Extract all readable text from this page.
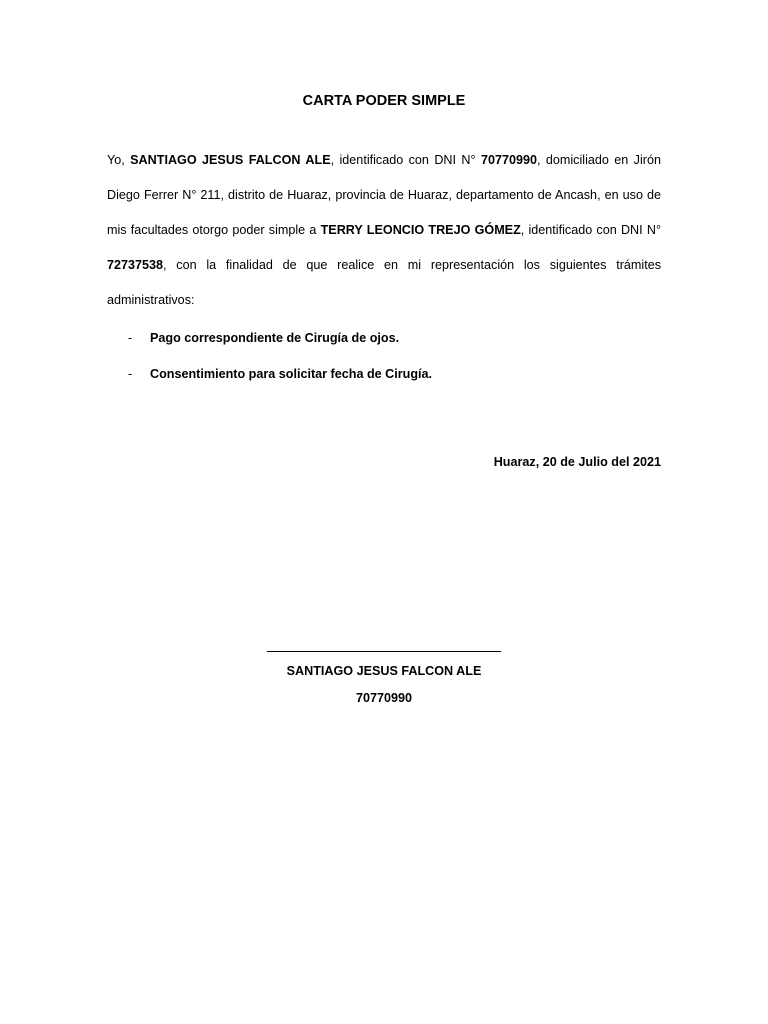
CARTA PODER SIMPLE
Yo, SANTIAGO JESUS FALCON ALE, identificado con DNI N° 70770990, domiciliado en Jirón Diego Ferrer N° 211, distrito de Huaraz, provincia de Huaraz, departamento de Ancash, en uso de mis facultades otorgo poder simple a TERRY LEONCIO TREJO GÓMEZ, identificado con DNI N° 72737538, con la finalidad de que realice en mi representación los siguientes trámites administrativos:
- Pago correspondiente de Cirugía de ojos.
- Consentimiento para solicitar fecha de Cirugía.
Huaraz, 20 de Julio del 2021
SANTIAGO JESUS FALCON ALE
70770990
